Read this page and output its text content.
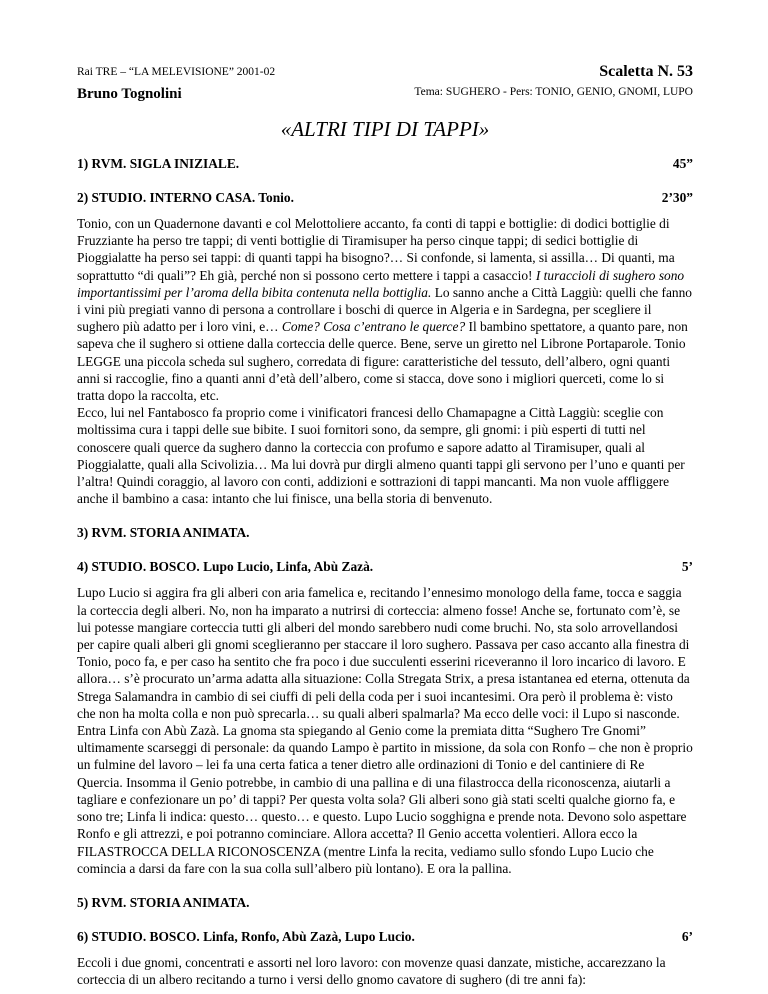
Rai TRE – “LA MELEVISIONE” 2001-02
Bruno Tognolini
Scaletta N. 53
Tema: SUGHERO - Pers: TONIO, GENIO, GNOMI, LUPO
«ALTRI TIPI DI TAPPI»
1) RVM. SIGLA INIZIALE.	45”
2) STUDIO. INTERNO CASA. Tonio.	2’30”

Tonio, con un Quadernone davanti e col Melottoliere accanto, fa conti di tappi e bottiglie: di dodici bottiglie di Fruzziante ha perso tre tappi; di venti bottiglie di Tiramisuper ha perso cinque tappi; di sedici bottiglie di Pioggialatte ha perso sei tappi: di quanti tappi ha bisogno?… Si confonde, si lamenta, si assilla… Di quanti, ma soprattutto “di quali”? Eh già, perché non si possono certo mettere i tappi a casaccio! I turaccioli di sughero sono importantissimi per l’aroma della bibita contenuta nella bottiglia. Lo sanno anche a Città Laggiù: quelli che fanno i vini più pregiati vanno di persona a controllare i boschi di querce in Algeria e in Sardegna, per scegliere il sughero più adatto per i loro vini, e… Come? Cosa c’entrano le querce? Il bambino spettatore, a quanto pare, non sapeva che il sughero si ottiene dalla corteccia delle querce. Bene, serve un giretto nel Librone Portaparole. Tonio LEGGE una piccola scheda sul sughero, corredata di figure: caratteristiche del tessuto, dell’albero, ogni quanti anni si raccoglie, fino a quanti anni d’età dell’albero, come si stacca, dove sono i migliori querceti, come lo si tratta dopo la raccolta, etc.

Ecco, lui nel Fantabosco fa proprio come i vinificatori francesi dello Chamapagne a Città Laggiù: sceglie con moltissima cura i tappi delle sue bibite. I suoi fornitori sono, da sempre, gli gnomi: i più esperti di tutti nel conoscere quali querce da sughero danno la corteccia con profumo e sapore adatto al Tiramisuper, quali al Pioggialatte, quali alla Scivolizia… Ma lui dovrà pur dirgli almeno quanti tappi gli servono per l’uno e quanti per l’altra! Quindi coraggio, al lavoro con conti, addizioni e sottrazioni di tappi mancanti. Ma non vuole affliggere anche il bambino a casa: intanto che lui finisce, una bella storia di benvenuto.

3) RVM. STORIA ANIMATA.
4) STUDIO. BOSCO. Lupo Lucio, Linfa, Abù Zazà.	5’

Lupo Lucio si aggira fra gli alberi con aria famelica e, recitando l’ennesimo monologo della fame, tocca e saggia la corteccia degli alberi. No, non ha imparato a nutrirsi di corteccia: almeno fosse! Anche se, fortunato com’è, se lui potesse mangiare corteccia tutti gli alberi del mondo sarebbero nudi come bruchi. No, sta solo arrovellandosi per capire quali alberi gli gnomi sceglieranno per staccare il loro sughero. Passava per caso accanto alla finestra di Tonio, poco fa, e per caso ha sentito che fra poco i due succulenti esserini riceveranno il loro incarico di lavoro. E allora… s’è procurato un’arma adatta alla situazione: Colla Stregata Strix, a presa istantanea ed eterna, ottenuta da Strega Salamandra in cambio di sei ciuffi di peli della coda per i suoi incantesimi. Ora però il problema è: visto che non ha molta colla e non può sprecarla… su quali alberi spalmarla? Ma ecco delle voci: il Lupo si nasconde.

Entra Linfa con Abù Zazà. La gnoma sta spiegando al Genio come la premiata ditta “Sughero Tre Gnomi” ultimamente scarseggi di personale: da quando Lampo è partito in missione, da sola con Ronfo – che non è proprio un fulmine del lavoro – lei fa una certa fatica a tener dietro alle ordinazioni di Tonio e del cantiniere di Re Quercia. Insomma il Genio potrebbe, in cambio di una pallina e di una filastrocca della riconoscenza, aiutarli a tagliare e confezionare un po’ di tappi? Per questa volta sola? Gli alberi sono già stati scelti qualche giorno fa, e sono tre; Linfa li indica: questo… questo… e questo. Lupo Lucio sogghigna e prende nota. Devono solo aspettare Ronfo e gli attrezzi, e poi potranno cominciare. Allora accetta? Il Genio accetta volentieri. Allora ecco la FILASTROCCA DELLA RICONOSCENZA (mentre Linfa la recita, vediamo sullo sfondo Lupo Lucio che comincia a darsi da fare con la sua colla sull’albero più lontano). E ora la pallina.

5) RVM. STORIA ANIMATA.
6) STUDIO. BOSCO. Linfa, Ronfo, Abù Zazà, Lupo Lucio.	6’

Eccoli i due gnomi, concentrati e assorti nel loro lavoro: con movenze quasi danzate, mistiche, accarezzano la corteccia di un albero recitando a turno i versi dello gnomo cavatore di sughero (di tre anni fa):
